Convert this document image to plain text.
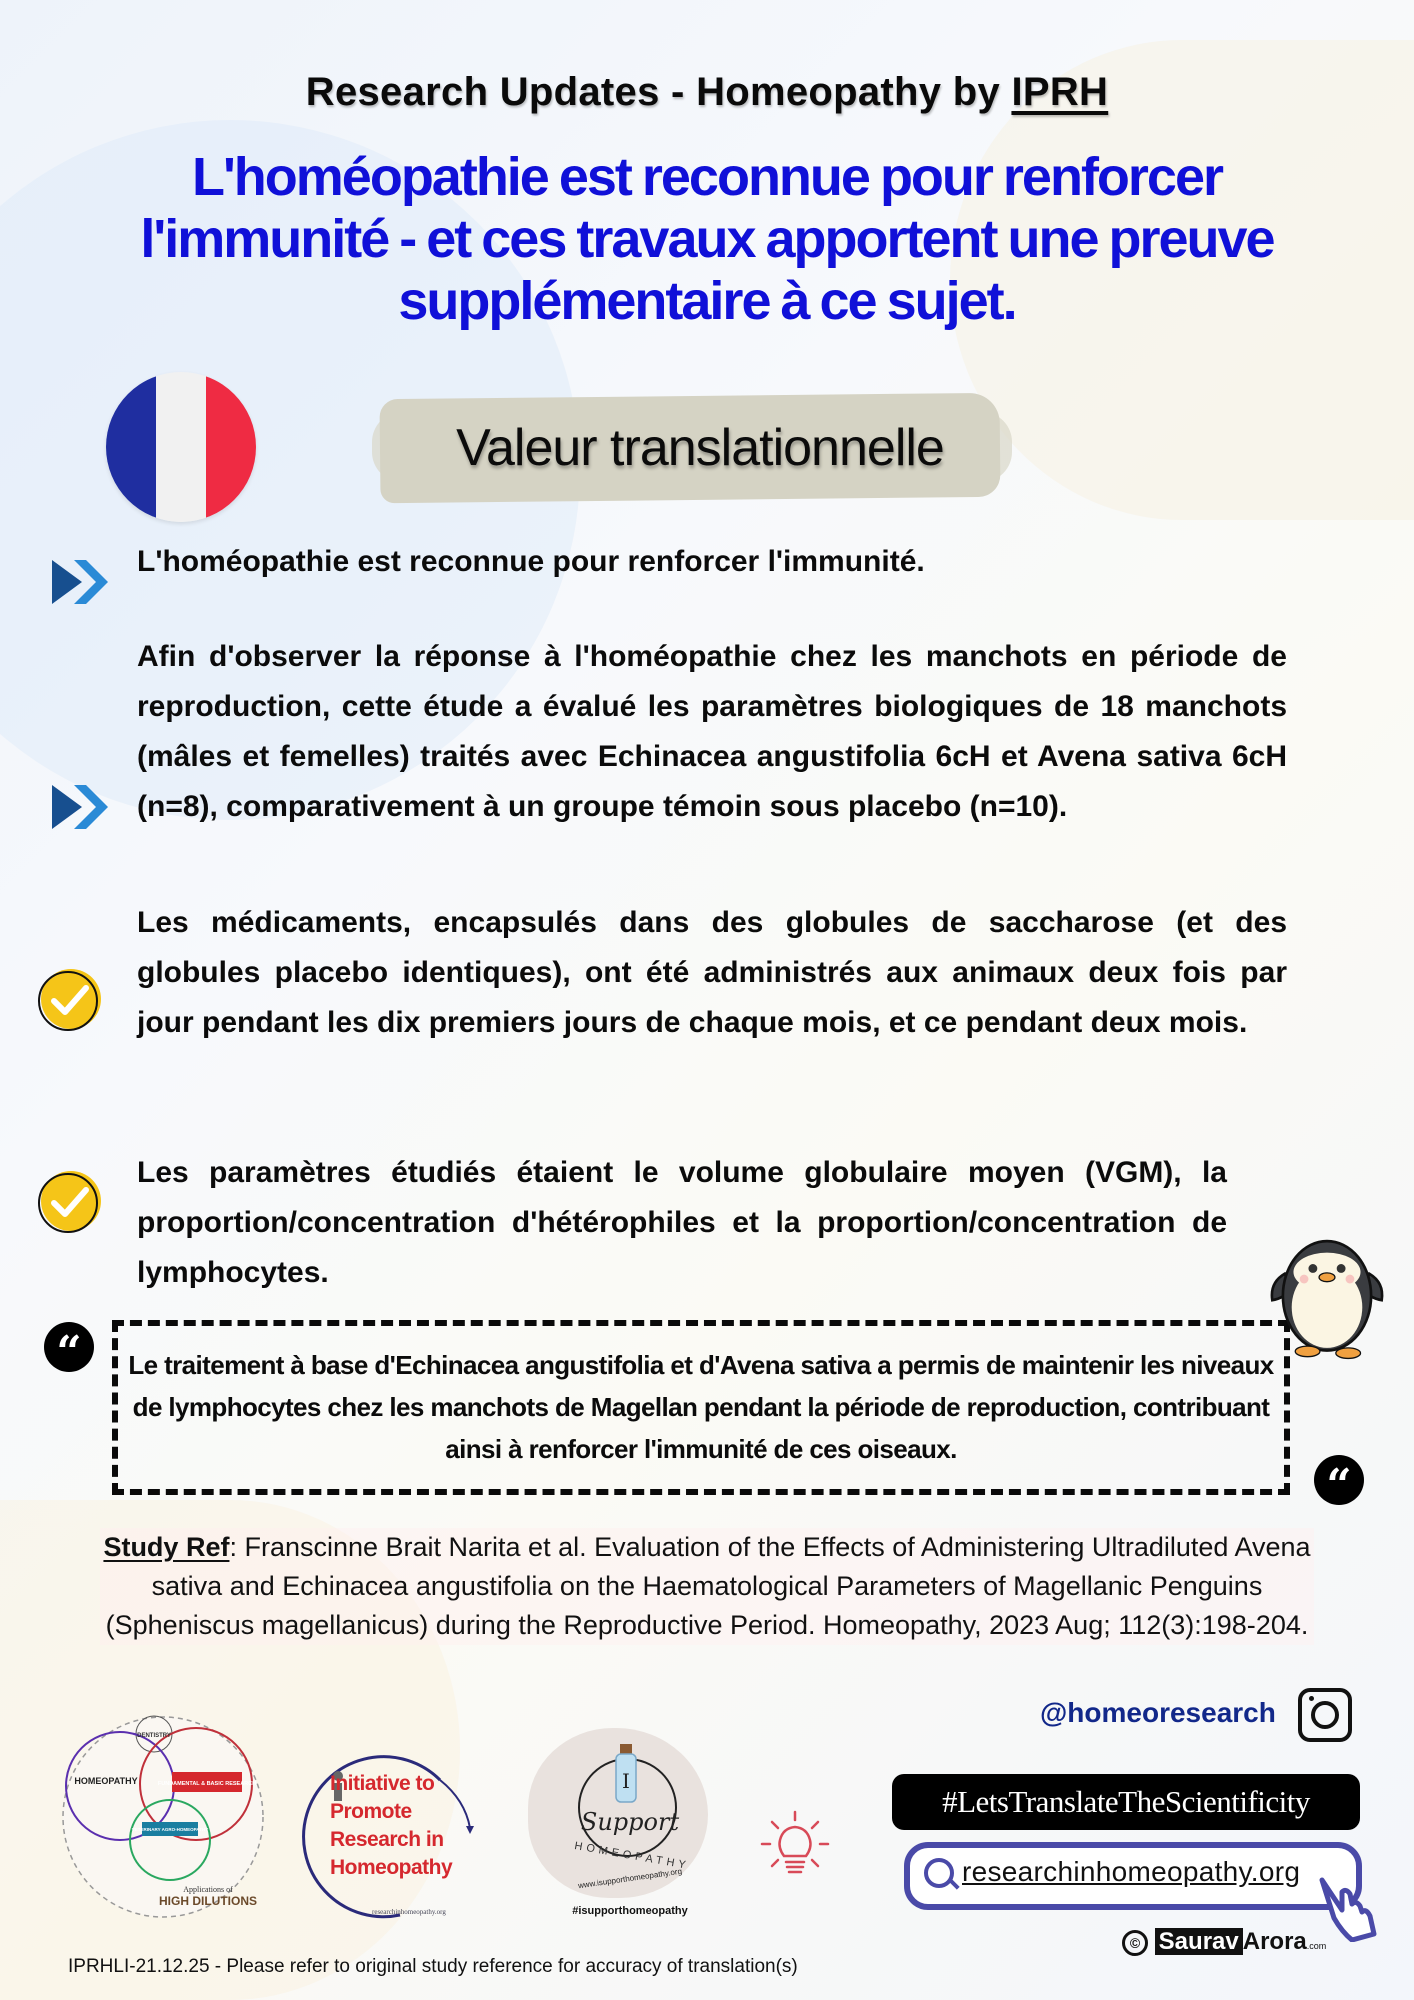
Research Updates - Homeopathy by IPRH
L'homéopathie est reconnue pour renforcer
l'immunité - et ces travaux apportent une preuve
supplémentaire à ce sujet.
Valeur translationnelle
L'homéopathie est reconnue pour renforcer l'immunité.
Afin d'observer la réponse à l'homéopathie chez les manchots en période de reproduction, cette étude a évalué les paramètres biologiques de 18 manchots (mâles et femelles) traités avec Echinacea angustifolia 6cH et Avena sativa 6cH (n=8), comparativement à un groupe témoin sous placebo (n=10).
Les médicaments, encapsulés dans des globules de saccharose (et des globules placebo identiques), ont été administrés aux animaux deux fois par jour pendant les dix premiers jours de chaque mois, et ce pendant deux mois.
Les paramètres étudiés étaient le volume globulaire moyen (VGM), la proportion/concentration d'hétérophiles et la proportion/concentration de lymphocytes.
“
“
Le traitement à base d'Echinacea angustifolia et d'Avena sativa a permis de maintenir les niveaux de lymphocytes chez les manchots de Magellan pendant la période de reproduction, contribuant ainsi à renforcer l'immunité de ces oiseaux.
Study Ref: Franscinne Brait Narita et al. Evaluation of the Effects of Administering Ultradiluted Avena sativa and Echinacea angustifolia on the Haematological Parameters of Magellanic Penguins (Spheniscus magellanicus) during the Reproductive Period. Homeopathy, 2023 Aug; 112(3):198-204.
@homeoresearch
#LetsTranslateTheScientificity
researchinhomeopathy.org
© Saurav Arora.com
DENTISTRY
HOMEOPATHY	FUNDAMENTAL & BASIC RESEARCH
VETERINARY AGRO-HOMEOPATHY
Applications of
HIGH DILUTIONS
Initiative to Promote Research in Homeopathy
researchinhomeopathy.org
I
Support
HOMEOPATHY
www.isupporthomeopathy.org
#isupporthomeopathy
IPRHLI-21.12.25 - Please refer to original study reference for accuracy of translation(s)
